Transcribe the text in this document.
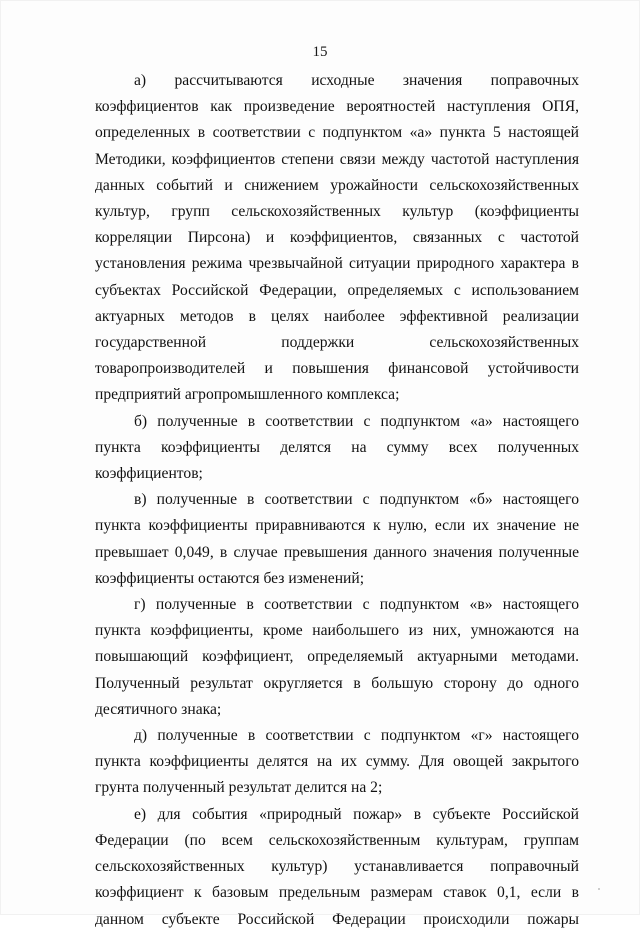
15

а) рассчитываются исходные значения поправочных коэффициентов как произведение вероятностей наступления ОПЯ, определенных в соответствии с подпунктом «а» пункта 5 настоящей Методики, коэффициентов степени связи между частотой наступления данных событий и снижением урожайности сельскохозяйственных культур, групп сельскохозяйственных культур (коэффициенты корреляции Пирсона) и коэффициентов, связанных с частотой установления режима чрезвычайной ситуации природного характера в субъектах Российской Федерации, определяемых с использованием актуарных методов в целях наиболее эффективной реализации государственной поддержки сельскохозяйственных товаропроизводителей и повышения финансовой устойчивости предприятий агропромышленного комплекса;

б) полученные в соответствии с подпунктом «а» настоящего пункта коэффициенты делятся на сумму всех полученных коэффициентов;

в) полученные в соответствии с подпунктом «б» настоящего пункта коэффициенты приравниваются к нулю, если их значение не превышает 0,049, в случае превышения данного значения полученные коэффициенты остаются без изменений;

г) полученные в соответствии с подпунктом «в» настоящего пункта коэффициенты, кроме наибольшего из них, умножаются на повышающий коэффициент, определяемый актуарными методами. Полученный результат округляется в большую сторону до одного десятичного знака;

д) полученные в соответствии с подпунктом «г» настоящего пункта коэффициенты делятся на их сумму. Для овощей закрытого грунта полученный результат делится на 2;

е) для события «природный пожар» в субъекте Российской Федерации (по всем сельскохозяйственным культурам, группам сельскохозяйственных культур) устанавливается поправочный коэффициент к базовым предельным размерам ставок 0,1, если в данном субъекте Российской Федерации происходили пожары
